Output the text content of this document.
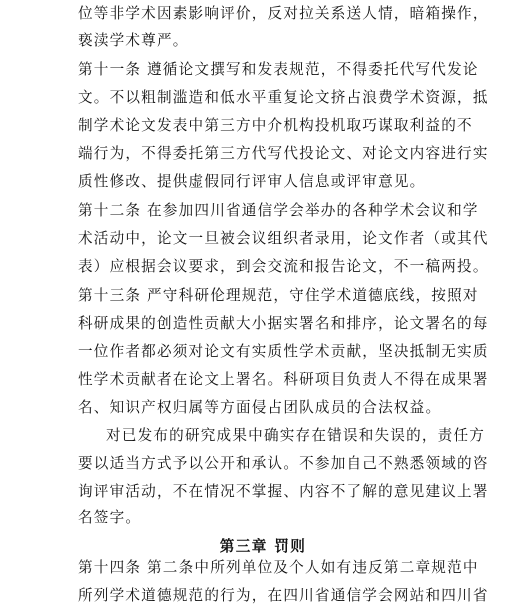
位等非学术因素影响评价，反对拉关系送人情，暗箱操作，
亵渎学术尊严。
第十一条 遵循论文撰写和发表规范，不得委托代写代发论
文。不以粗制滥造和低水平重复论文挤占浪费学术资源，抵
制学术论文发表中第三方中介机构投机取巧谋取利益的不
端行为，不得委托第三方代写代投论文、对论文内容进行实
质性修改、提供虚假同行评审人信息或评审意见。
第十二条 在参加四川省通信学会举办的各种学术会议和学
术活动中，论文一旦被会议组织者录用，论文作者（或其代
表）应根据会议要求，到会交流和报告论文，不一稿两投。
第十三条 严守科研伦理规范，守住学术道德底线，按照对
科研成果的创造性贡献大小据实署名和排序，论文署名的每
一位作者都必须对论文有实质性学术贡献，坚决抵制无实质
性学术贡献者在论文上署名。科研项目负责人不得在成果署
名、知识产权归属等方面侵占团队成员的合法权益。
对已发布的研究成果中确实存在错误和失误的，责任方
要以适当方式予以公开和承认。不参加自己不熟悉领域的咨
询评审活动，不在情况不掌握、内容不了解的意见建议上署
名签字。
第三章 罚则
第十四条 第二条中所列单位及个人如有违反第二章规范中
所列学术道德规范的行为，在四川省通信学会网站和四川省
